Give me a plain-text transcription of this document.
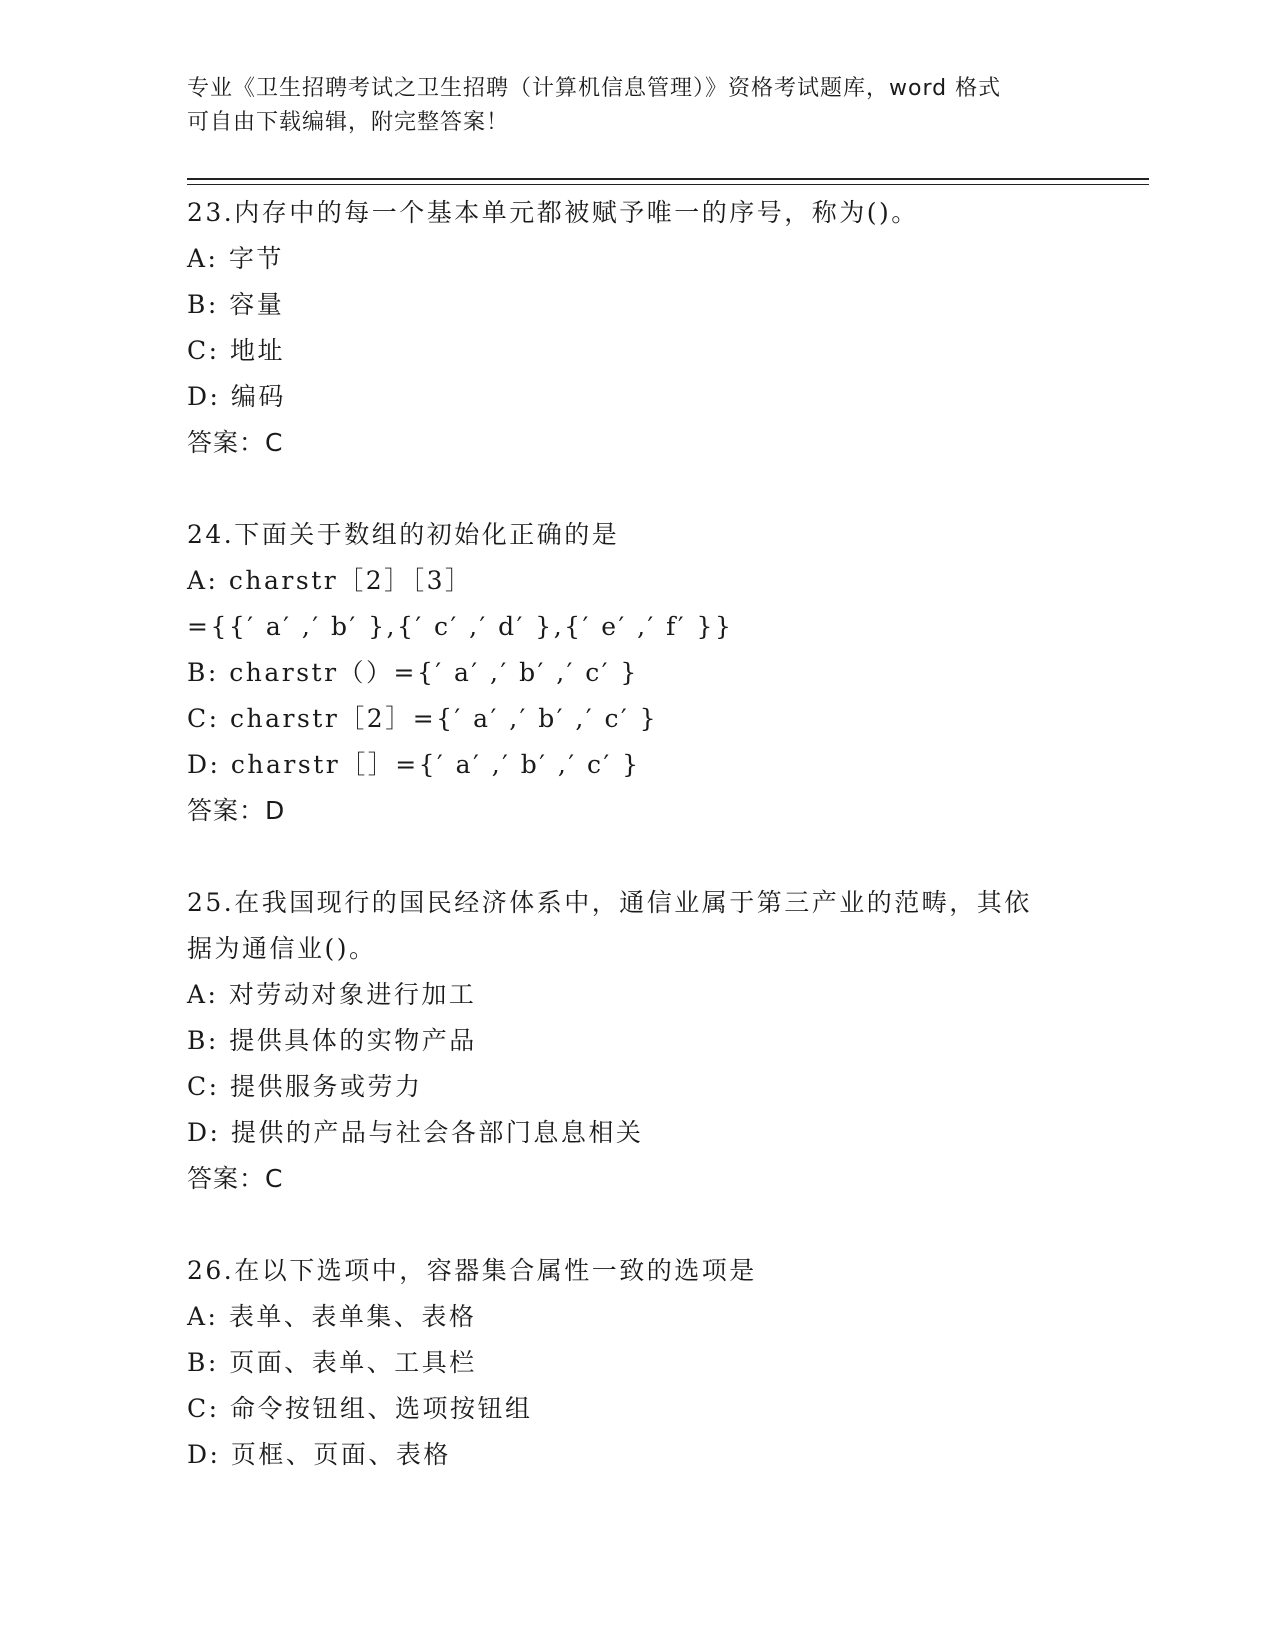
专业《卫生招聘考试之卫生招聘（计算机信息管理）》资格考试题库，word 格式
可自由下载编辑，附完整答案！
23.内存中的每一个基本单元都被赋予唯一的序号，称为()。
A: 字节
B: 容量
C: 地址
D: 编码
答案：C
24.下面关于数组的初始化正确的是
A: charstr［2］［3］
={{′ a′ ,′ b′ },{′ c′ ,′ d′ },{′ e′ ,′ f′ }}
B: charstr（）={′ a′ ,′ b′ ,′ c′ }
C: charstr［2］={′ a′ ,′ b′ ,′ c′ }
D: charstr［］={′ a′ ,′ b′ ,′ c′ }
答案：D
25.在我国现行的国民经济体系中，通信业属于第三产业的范畴，其依
据为通信业()。
A: 对劳动对象进行加工
B: 提供具体的实物产品
C: 提供服务或劳力
D: 提供的产品与社会各部门息息相关
答案：C
26.在以下选项中，容器集合属性一致的选项是
A: 表单、表单集、表格
B: 页面、表单、工具栏
C: 命令按钮组、选项按钮组
D: 页框、页面、表格
